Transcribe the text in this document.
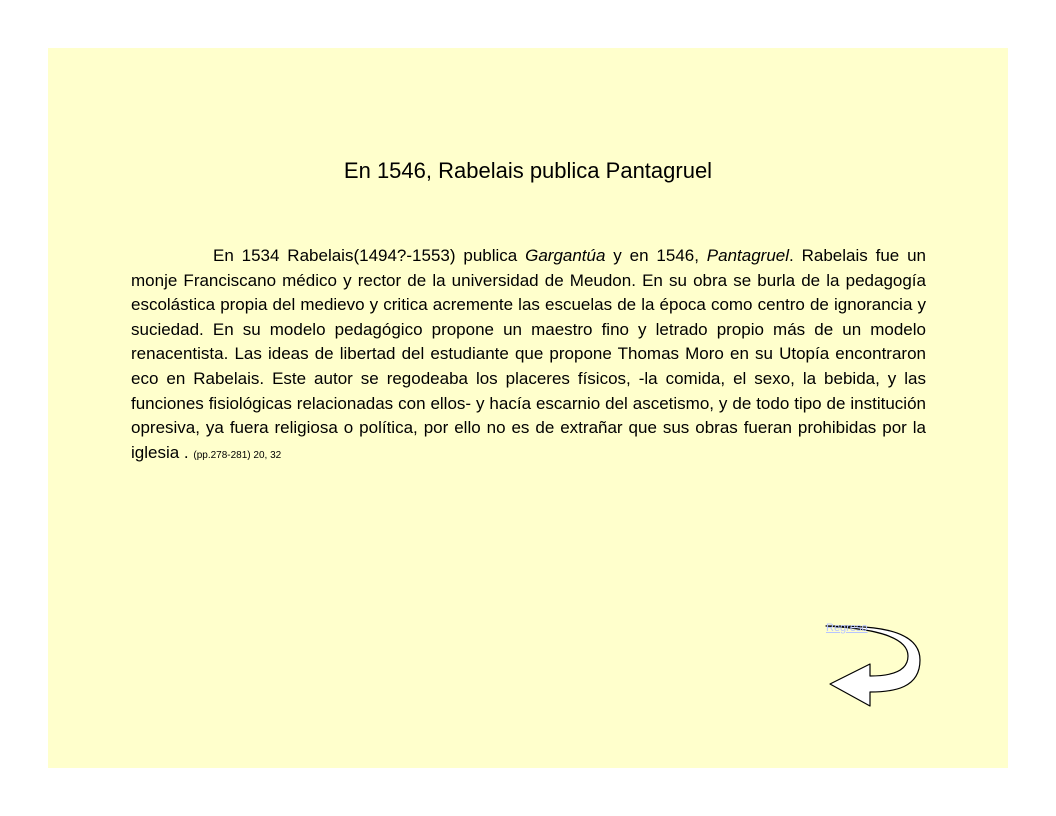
En 1546, Rabelais publica Pantagruel

En 1534 Rabelais(1494?-1553) publica Gargantúa y en 1546, Pantagruel. Rabelais fue un monje Franciscano médico y rector de la universidad de Meudon. En su obra se burla de la pedagogía escolástica propia del medievo y critica acremente las escuelas de la época como centro de ignorancia y suciedad. En su modelo pedagógico propone un maestro fino y letrado propio más de un modelo renacentista. Las ideas de libertad del estudiante que propone Thomas Moro en su Utopía encontraron eco en Rabelais. Este autor se regodeaba los placeres físicos, -la comida, el sexo, la bebida, y las funciones fisiológicas relacionadas con ellos- y hacía escarnio del ascetismo, y de todo tipo de institución opresiva, ya fuera religiosa o política, por ello no es de extrañar que sus obras fueran prohibidas por la iglesia . (pp.278-281) 20, 32

Regreso
